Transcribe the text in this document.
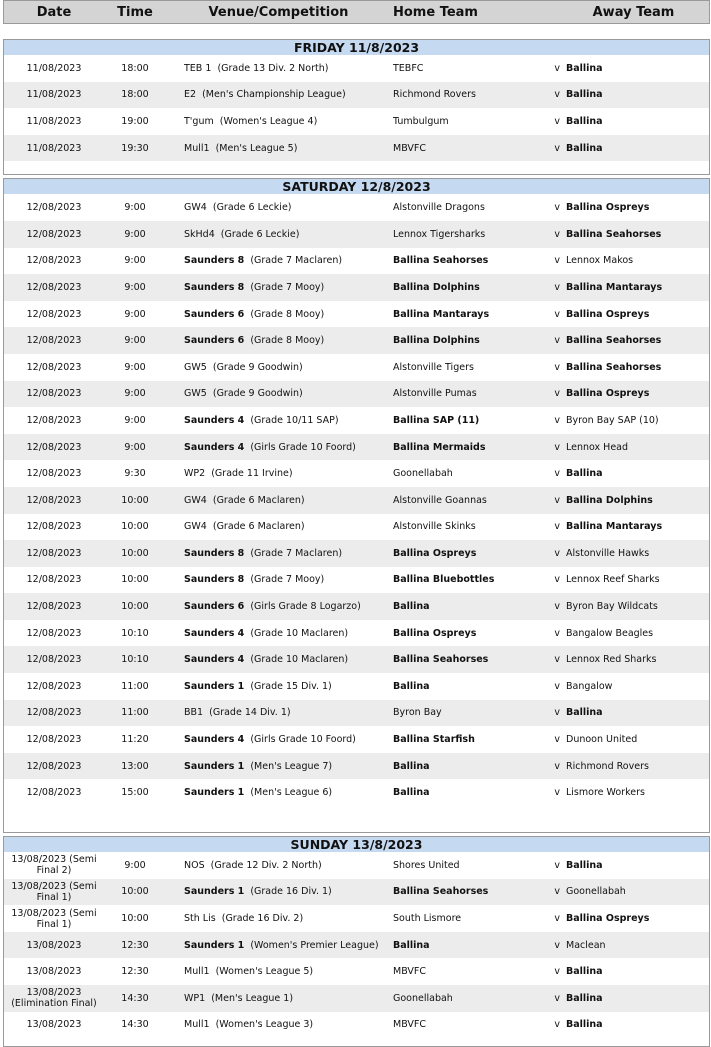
Date	Time	Venue/Competition	Home Team	Away Team
FRIDAY 11/8/2023
11/08/2023	18:00	TEB 1 (Grade 13 Div. 2 North)	TEBFC	v Ballina
11/08/2023	18:00	E2 (Men's Championship League)	Richmond Rovers	v Ballina
11/08/2023	19:00	T'gum (Women's League 4)	Tumbulgum	v Ballina
11/08/2023	19:30	Mull1 (Men's League 5)	MBVFC	v Ballina
SATURDAY 12/8/2023
12/08/2023	9:00	GW4 (Grade 6 Leckie)	Alstonville Dragons	v Ballina Ospreys
12/08/2023	9:00	SkHd4 (Grade 6 Leckie)	Lennox Tigersharks	v Ballina Seahorses
12/08/2023	9:00	Saunders 8 (Grade 7 Maclaren)	Ballina Seahorses	v Lennox Makos
12/08/2023	9:00	Saunders 8 (Grade 7 Mooy)	Ballina Dolphins	v Ballina Mantarays
12/08/2023	9:00	Saunders 6 (Grade 8 Mooy)	Ballina Mantarays	v Ballina Ospreys
12/08/2023	9:00	Saunders 6 (Grade 8 Mooy)	Ballina Dolphins	v Ballina Seahorses
12/08/2023	9:00	GW5 (Grade 9 Goodwin)	Alstonville Tigers	v Ballina Seahorses
12/08/2023	9:00	GW5 (Grade 9 Goodwin)	Alstonville Pumas	v Ballina Ospreys
12/08/2023	9:00	Saunders 4 (Grade 10/11 SAP)	Ballina SAP (11)	v Byron Bay SAP (10)
12/08/2023	9:00	Saunders 4 (Girls Grade 10 Foord)	Ballina Mermaids	v Lennox Head
12/08/2023	9:30	WP2 (Grade 11 Irvine)	Goonellabah	v Ballina
12/08/2023	10:00	GW4 (Grade 6 Maclaren)	Alstonville Goannas	v Ballina Dolphins
12/08/2023	10:00	GW4 (Grade 6 Maclaren)	Alstonville Skinks	v Ballina Mantarays
12/08/2023	10:00	Saunders 8 (Grade 7 Maclaren)	Ballina Ospreys	v Alstonville Hawks
12/08/2023	10:00	Saunders 8 (Grade 7 Mooy)	Ballina Bluebottles	v Lennox Reef Sharks
12/08/2023	10:00	Saunders 6 (Girls Grade 8 Logarzo)	Ballina	v Byron Bay Wildcats
12/08/2023	10:10	Saunders 4 (Grade 10 Maclaren)	Ballina Ospreys	v Bangalow Beagles
12/08/2023	10:10	Saunders 4 (Grade 10 Maclaren)	Ballina Seahorses	v Lennox Red Sharks
12/08/2023	11:00	Saunders 1 (Grade 15 Div. 1)	Ballina	v Bangalow
12/08/2023	11:00	BB1 (Grade 14 Div. 1)	Byron Bay	v Ballina
12/08/2023	11:20	Saunders 4 (Girls Grade 10 Foord)	Ballina Starfish	v Dunoon United
12/08/2023	13:00	Saunders 1 (Men's League 7)	Ballina	v Richmond Rovers
12/08/2023	15:00	Saunders 1 (Men's League 6)	Ballina	v Lismore Workers
SUNDAY 13/8/2023
13/08/2023 (Semi Final 2)	9:00	NOS (Grade 12 Div. 2 North)	Shores United	v Ballina
13/08/2023 (Semi Final 1)	10:00	Saunders 1 (Grade 16 Div. 1)	Ballina Seahorses	v Goonellabah
13/08/2023 (Semi Final 1)	10:00	Sth Lis (Grade 16 Div. 2)	South Lismore	v Ballina Ospreys
13/08/2023	12:30	Saunders 1 (Women's Premier League)	Ballina	v Maclean
13/08/2023	12:30	Mull1 (Women's League 5)	MBVFC	v Ballina
13/08/2023 (Elimination Final)	14:30	WP1 (Men's League 1)	Goonellabah	v Ballina
13/08/2023	14:30	Mull1 (Women's League 3)	MBVFC	v Ballina
